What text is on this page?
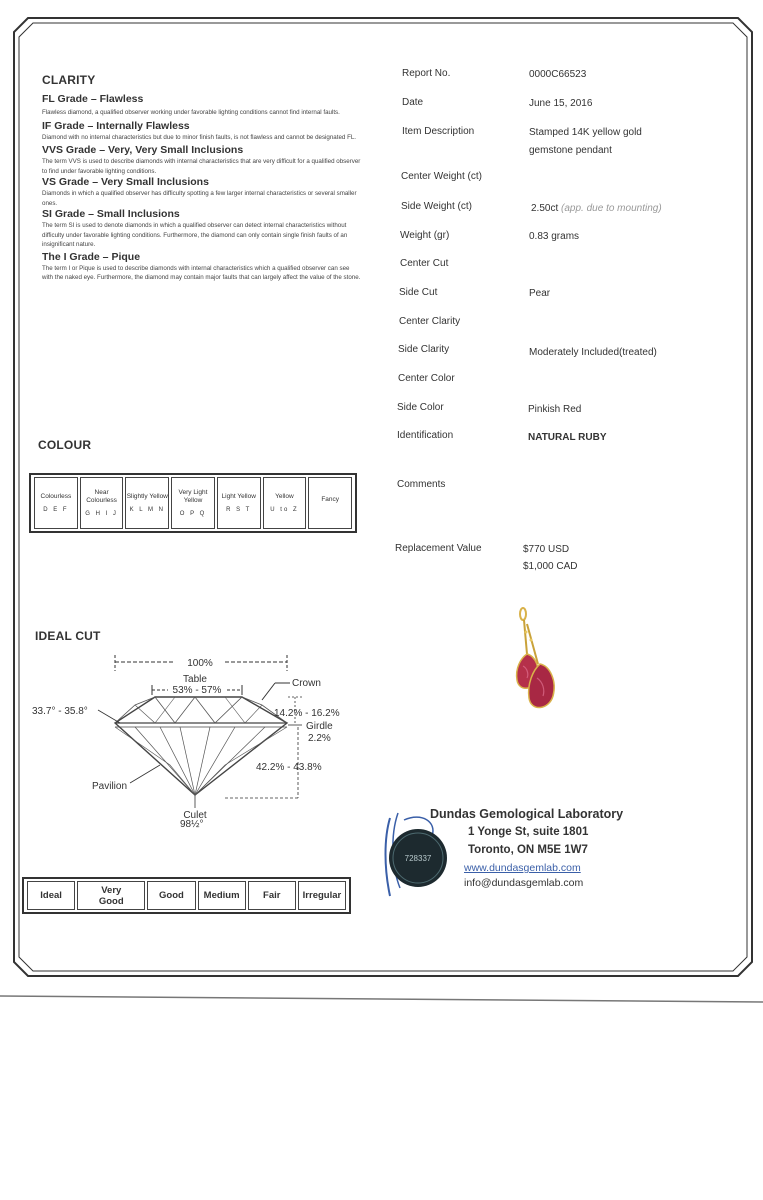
CLARITY
FL Grade – Flawless
Flawless diamond, a qualified observer working under favorable lighting conditions cannot find internal faults.
IF Grade – Internally Flawless
Diamond with no internal characteristics but due to minor finish faults, is not flawless and cannot be designated FL.
VVS Grade – Very, Very Small Inclusions
The term VVS is used to describe diamonds with internal characteristics that are very difficult for a qualified observer to find under favorable lighting conditions.
VS Grade – Very Small Inclusions
Diamonds in which a qualified observer has difficulty spotting a few larger internal characteristics or several smaller ones.
SI Grade – Small Inclusions
The term SI is used to denote diamonds in which a qualified observer can detect internal characteristics without difficulty under favorable lighting conditions. Furthermore, the diamond can only contain single finish faults of an insignificant nature.
The I Grade – Pique
The term I or Pique is used to describe diamonds with internal characteristics which a qualified observer can see with the naked eye. Furthermore, the diamond may contain major faults that can largely affect the value of the stone.
Report No.	0000C66523
Date	June 15, 2016
Item Description	Stamped 14K yellow gold
gemstone pendant
Center Weight (ct)
Side Weight (ct)	2.50ct (app. due to mounting)
Weight (gr)	0.83 grams
Center Cut
Side Cut	Pear
Center Clarity
Side Clarity	Moderately Included(treated)
Center Color
Side Color	Pinkish Red
Identification	NATURAL RUBY
Comments
Replacement Value	$770 USD
$1,000 CAD
COLOUR
Colourless
D E F
Near Colourless
G H I J
Slightly Yellow
K L M N
Very Light Yellow
O P Q
Light Yellow
R S T
Yellow
U to Z
Fancy
IDEAL CUT
100%
Table
53% - 57%
Crown
33.7° - 35.8°	14.2% - 16.2%
Girdle
2.2%
42.2% - 43.8%
Pavilion
Culet
98½°
Ideal	Very Good	Good	Medium	Fair	Irregular
728337
Dundas Gemological Laboratory
1 Yonge St, suite 1801
Toronto, ON M5E 1W7
www.dundasgemlab.com
info@dundasgemlab.com
